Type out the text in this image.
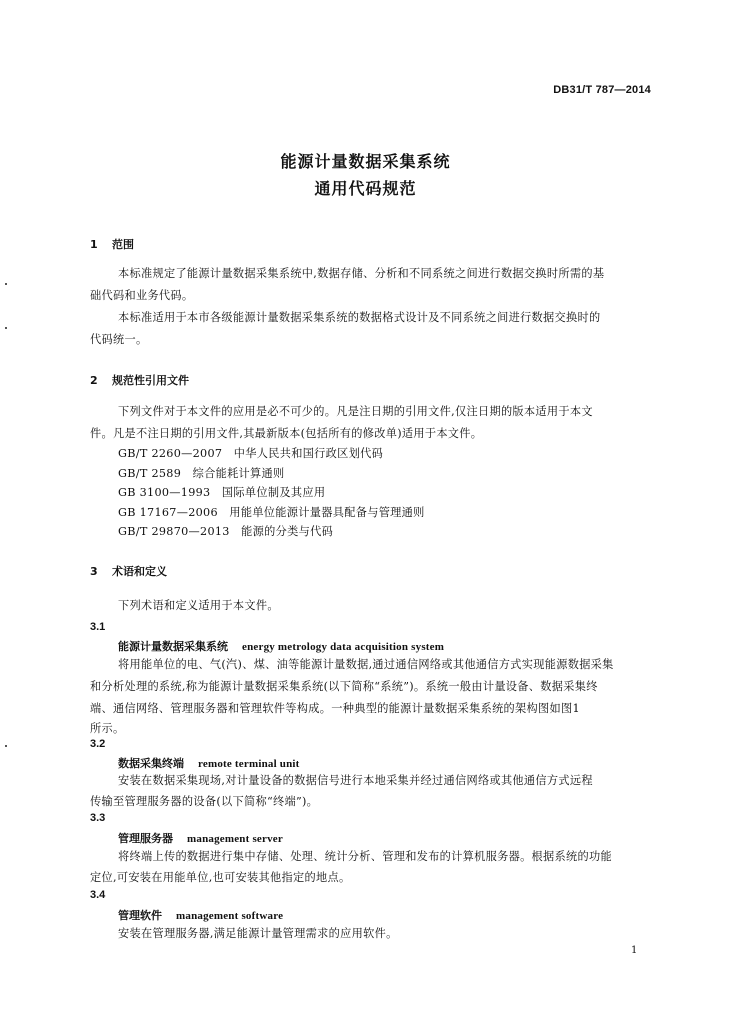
DB31/T 787—2014
能源计量数据采集系统
通用代码规范
1 范围
本标准规定了能源计量数据采集系统中,数据存储、分析和不同系统之间进行数据交换时所需的基
础代码和业务代码。
本标准适用于本市各级能源计量数据采集系统的数据格式设计及不同系统之间进行数据交换时的
代码统一。
2 规范性引用文件
下列文件对于本文件的应用是必不可少的。凡是注日期的引用文件,仅注日期的版本适用于本文
件。凡是不注日期的引用文件,其最新版本(包括所有的修改单)适用于本文件。
GB/T 2260—2007　中华人民共和国行政区划代码
GB/T 2589　综合能耗计算通则
GB 3100—1993　国际单位制及其应用
GB 17167—2006　用能单位能源计量器具配备与管理通则
GB/T 29870—2013　能源的分类与代码
3 术语和定义
下列术语和定义适用于本文件。
3.1
能源计量数据采集系统 energy metrology data acquisition system
将用能单位的电、气(汽)、煤、油等能源计量数据,通过通信网络或其他通信方式实现能源数据采集
和分析处理的系统,称为能源计量数据采集系统(以下简称“系统”)。系统一般由计量设备、数据采集终
端、通信网络、管理服务器和管理软件等构成。一种典型的能源计量数据采集系统的架构图如图1
所示。
3.2
数据采集终端 remote terminal unit
安装在数据采集现场,对计量设备的数据信号进行本地采集并经过通信网络或其他通信方式远程
传输至管理服务器的设备(以下简称“终端”)。
3.3
管理服务器 management server
将终端上传的数据进行集中存储、处理、统计分析、管理和发布的计算机服务器。根据系统的功能
定位,可安装在用能单位,也可安装其他指定的地点。
3.4
管理软件 management software
安装在管理服务器,满足能源计量管理需求的应用软件。
1
